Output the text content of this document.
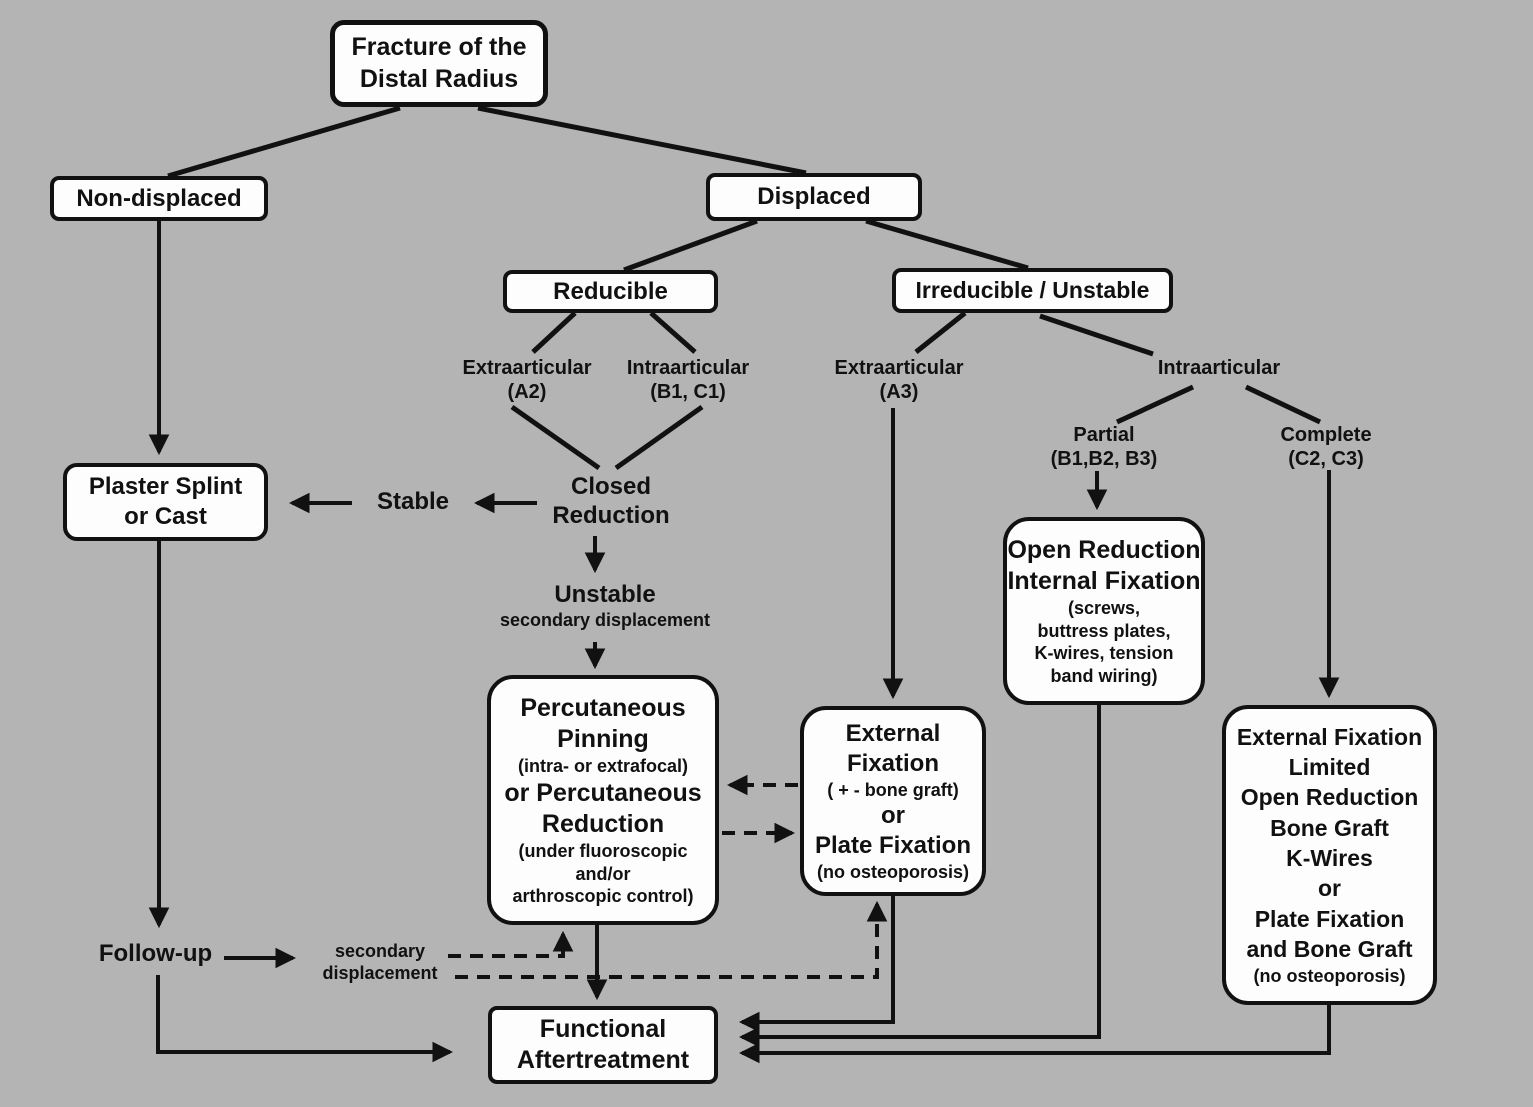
Fracture of the
Distal Radius
Non-displaced	Displaced
Reducible	Irreducible / Unstable
Plaster Splint
or Cast
Percutaneous
Pinning
(intra- or extrafocal)
or Percutaneous
Reduction
(under fluoroscopic
and/or
arthroscopic control)
External
Fixation
( + - bone graft)
or
Plate Fixation
(no osteoporosis)
Open Reduction
Internal Fixation
(screws,
buttress plates,
K-wires, tension
band wiring)
External Fixation
Limited
Open Reduction
Bone Graft
K-Wires
or
Plate Fixation
and Bone Graft
(no osteoporosis)
Functional
Aftertreatment
Extraarticular
(A2)
Intraarticular
(B1, C1)
Extraarticular
(A3)
Intraarticular
Partial
(B1,B2, B3)
Complete
(C2, C3)
Closed
Reduction
Stable
Unstable
secondary displacement
Follow-up	secondary
displacement
